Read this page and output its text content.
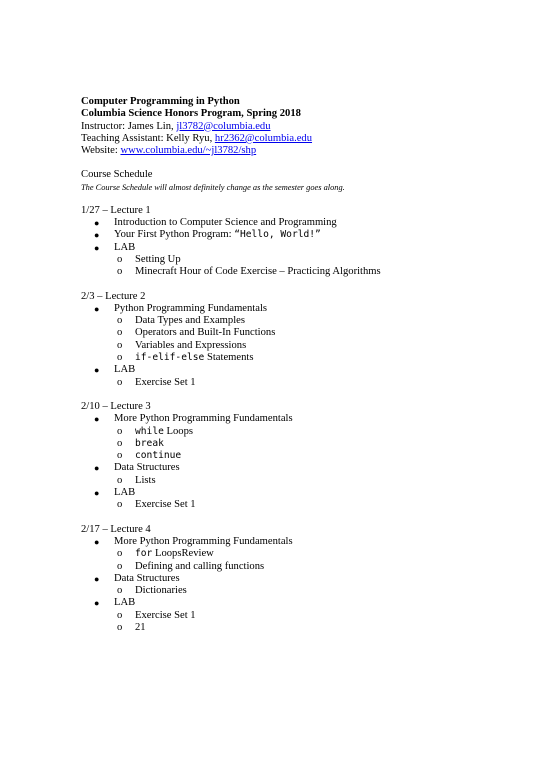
Computer Programming in Python
Columbia Science Honors Program, Spring 2018
Instructor: James Lin, jl3782@columbia.edu
Teaching Assistant: Kelly Ryu, hr2362@columbia.edu
Website: www.columbia.edu/~jl3782/shp
Course Schedule
The Course Schedule will almost definitely change as the semester goes along.
1/27 – Lecture 1
● Introduction to Computer Science and Programming
● Your First Python Program: “Hello, World!”
● LAB
o Setting Up
o Minecraft Hour of Code Exercise – Practicing Algorithms
2/3 – Lecture 2
● Python Programming Fundamentals
o Data Types and Examples
o Operators and Built-In Functions
o Variables and Expressions
o if-elif-else Statements
● LAB
o Exercise Set 1
2/10 – Lecture 3
● More Python Programming Fundamentals
o while Loops
o break
o continue
● Data Structures
o Lists
● LAB
o Exercise Set 1
2/17 – Lecture 4
● More Python Programming Fundamentals
o for LoopsReview
o Defining and calling functions
● Data Structures
o Dictionaries
● LAB
o Exercise Set 1
o 21
